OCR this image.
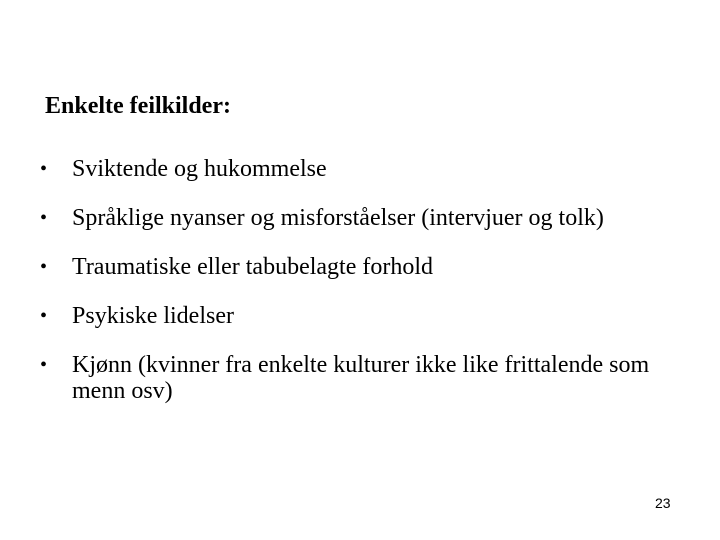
Enkelte feilkilder:
•	Sviktende og hukommelse
•	Språklige nyanser og misforståelser (intervjuer og tolk)
•	Traumatiske eller tabubelagte forhold
•	Psykiske lidelser
•	Kjønn (kvinner fra enkelte kulturer ikke like frittalende som menn osv)
23
